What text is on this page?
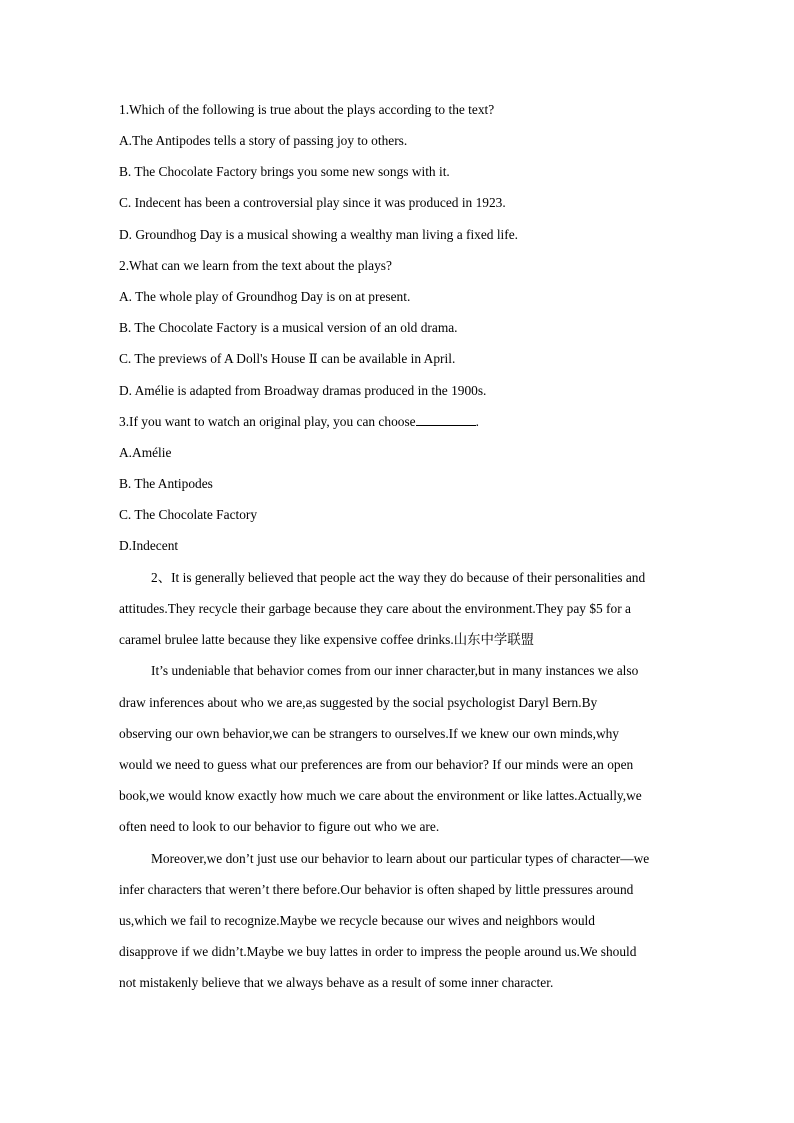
1.Which of the following is true about the plays according to the text?
A.The Antipodes tells a story of passing joy to others.
B. The Chocolate Factory brings you some new songs with it.
C. Indecent has been a controversial play since it was produced in 1923.
D. Groundhog Day is a musical showing a wealthy man living a fixed life.
2.What can we learn from the text about the plays?
A. The whole play of Groundhog Day is on at present.
B. The Chocolate Factory is a musical version of an old drama.
C. The previews of A Doll's House Ⅱ can be available in April.
D. Amélie is adapted from Broadway dramas produced in the 1900s.
3.If you want to watch an original play, you can choose	.
A.Amélie
B. The Antipodes
C. The Chocolate Factory
D.Indecent
2、It is generally believed that people act the way they do because of their personalities and
attitudes.They recycle their garbage because they care about the environment.They pay $5 for a
caramel brulee latte because they like expensive coffee drinks.山东中学联盟
It’s undeniable that behavior comes from our inner character,but in many instances we also
draw inferences about who we are,as suggested by the social psychologist Daryl Bern.By
observing our own behavior,we can be strangers to ourselves.If we knew our own minds,why
would we need to guess what our preferences are from our behavior? If our minds were an open
book,we would know exactly how much we care about the environment or like lattes.Actually,we
often need to look to our behavior to figure out who we are.
Moreover,we don’t just use our behavior to learn about our particular types of character—we
infer characters that weren’t there before.Our behavior is often shaped by little pressures around
us,which we fail to recognize.Maybe we recycle because our wives and neighbors would
disapprove if we didn’t.Maybe we buy lattes in order to impress the people around us.We should
not mistakenly believe that we always behave as a result of some inner character.
